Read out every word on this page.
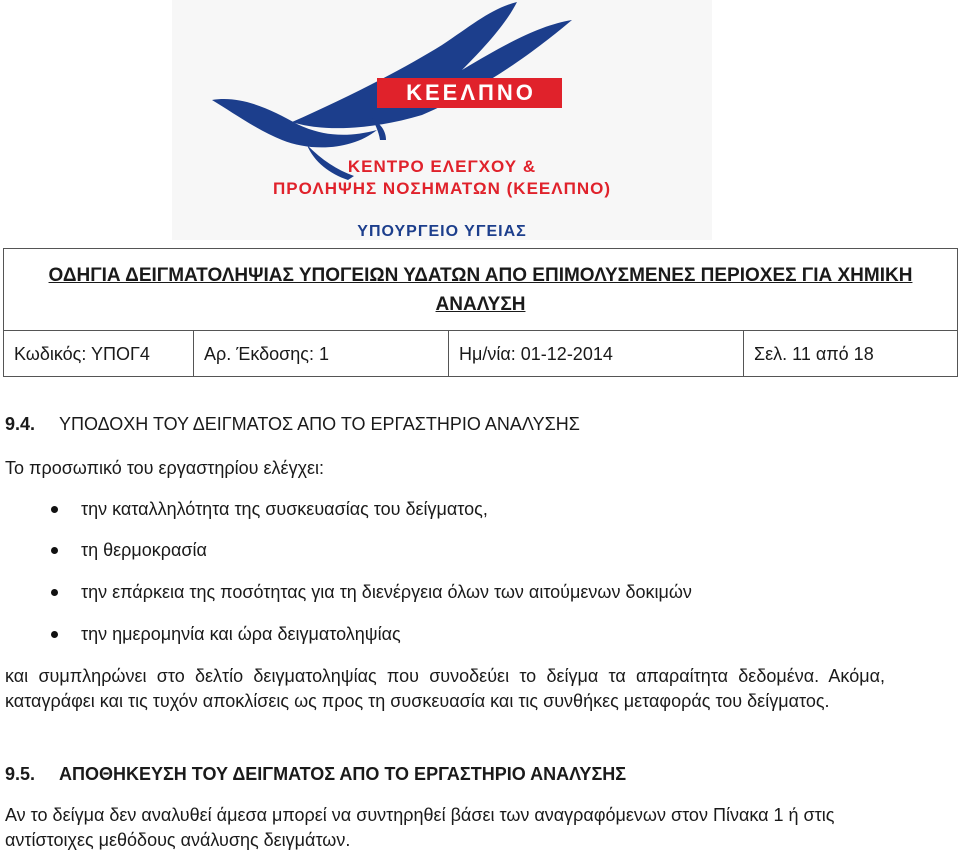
ΚΕΕΛΠΝΟ
ΚΕΝΤΡΟ ΕΛΕΓΧΟΥ &
ΠΡΟΛΗΨΗΣ ΝΟΣΗΜΑΤΩΝ (ΚΕΕΛΠΝΟ)
ΥΠΟΥΡΓΕΙΟ ΥΓΕΙΑΣ
ΟΔΗΓΙΑ ΔΕΙΓΜΑΤΟΛΗΨΙΑΣ ΥΠΟΓΕΙΩΝ ΥΔΑΤΩΝ ΑΠΟ ΕΠΙΜΟΛΥΣΜΕΝΕΣ ΠΕΡΙΟΧΕΣ ΓΙΑ ΧΗΜΙΚΗ ΑΝΑΛΥΣΗ
Κωδικός: ΥΠΟΓ4	Αρ. Έκδοσης: 1	Ημ/νία: 01-12-2014	Σελ. 11 από 18
9.4. ΥΠΟΔΟΧΗ ΤΟΥ ΔΕΙΓΜΑΤΟΣ ΑΠΟ ΤΟ ΕΡΓΑΣΤΗΡΙΟ ΑΝΑΛΥΣΗΣ

Το προσωπικό του εργαστηρίου ελέγχει:

την καταλληλότητα της συσκευασίας του δείγματος,
τη θερμοκρασία
την επάρκεια της ποσότητας για τη διενέργεια όλων των αιτούμενων δοκιμών
την ημερομηνία και ώρα δειγματοληψίας

και συμπληρώνει στο δελτίο δειγματοληψίας που συνοδεύει το δείγμα τα απαραίτητα δεδομένα. Ακόμα, καταγράφει και τις τυχόν αποκλίσεις ως προς τη συσκευασία και τις συνθήκες μεταφοράς του δείγματος.

9.5. ΑΠΟΘΗΚΕΥΣΗ ΤΟΥ ΔΕΙΓΜΑΤΟΣ ΑΠΟ ΤΟ ΕΡΓΑΣΤΗΡΙΟ ΑΝΑΛΥΣΗΣ

Αν το δείγμα δεν αναλυθεί άμεσα μπορεί να συντηρηθεί βάσει των αναγραφόμενων στον Πίνακα 1 ή στις αντίστοιχες μεθόδους ανάλυσης δειγμάτων.
